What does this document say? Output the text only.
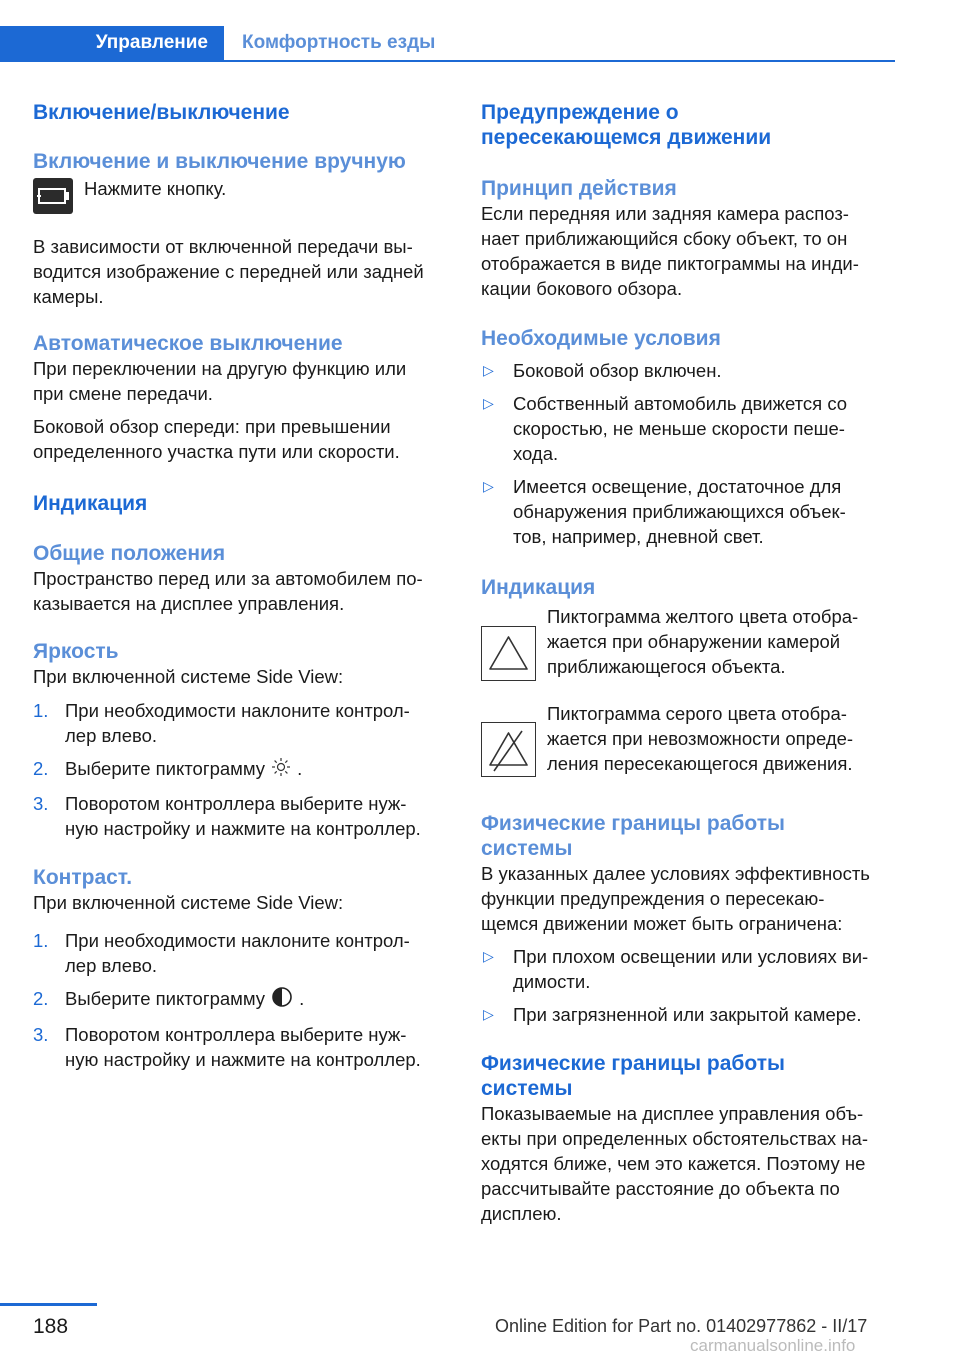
Управление	Комфортность езды
Включение/выключение
Включение и выключение вручную

Нажмите кнопку.

В зависимости от включенной передачи вы-

водится изображение с передней или задней

камеры.

Автоматическое выключение

При переключении на другую функцию или

при смене передачи.

Боковой обзор спереди: при превышении

определенного участка пути или скорости.

Индикация
Общие положения

Пространство перед или за автомобилем по-

казывается на дисплее управления.

Яркость

При включенной системе Side View:

1. При необходимости наклоните контрол-
лер влево.
2. Выберите пиктограмму .
3. Поворотом контроллера выберите нуж-
ную настройку и нажмите на контроллер.
Контраст.

При включенной системе Side View:

1. При необходимости наклоните контрол-
лер влево.
2. Выберите пиктограмму .
3. Поворотом контроллера выберите нуж-
ную настройку и нажмите на контроллер.
Предупреждение о
пересекающемся движении
Принцип действия

Если передняя или задняя камера распоз-

нает приближающийся сбоку объект, то он

отображается в виде пиктограммы на инди-

кации бокового обзора.

Необходимые условия
▷ Боковой обзор включен.
▷ Собственный автомобиль движется со
скоростью, не меньше скорости пеше-
хода.
▷ Имеется освещение, достаточное для
обнаружения приближающихся объек-
тов, например, дневной свет.
Индикация

Пиктограмма желтого цвета отобра-

жается при обнаружении камерой

приближающегося объекта.

Пиктограмма серого цвета отобра-

жается при невозможности опреде-

ления пересекающегося движения.

Физические границы работы
системы

В указанных далее условиях эффективность

функции предупреждения о пересекаю-

щемся движении может быть ограничена:

▷ При плохом освещении или условиях ви-
димости.
▷ При загрязненной или закрытой камере.
Физические границы работы
системы

Показываемые на дисплее управления объ-

екты при определенных обстоятельствах на-

ходятся ближе, чем это кажется. Поэтому не

рассчитывайте расстояние до объекта по

дисплею.

188	Online Edition for Part no. 01402977862 - II/17
carmanualsonline.info
